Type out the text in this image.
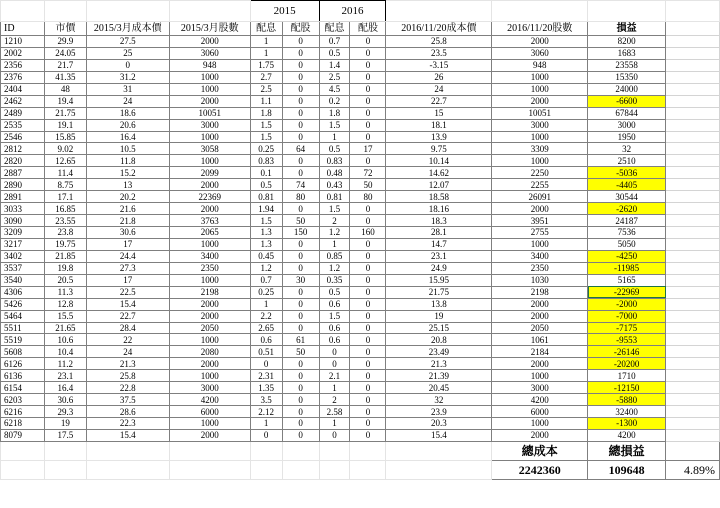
				2015		2016					
ID	市價	2015/3月成本價	2015/3月股數	配息	配股	配息	配股	2016/11/20成本價	2016/11/20股數	損益	
1210	29.9	27.5	2000	1	0	0.7	0	25.8	2000	8200	
2002	24.05	25	3060	1	0	0.5	0	23.5	3060	1683	
2356	21.7	0	948	1.75	0	1.4	0	-3.15	948	23558	
2376	41.35	31.2	1000	2.7	0	2.5	0	26	1000	15350	
2404	48	31	1000	2.5	0	4.5	0	24	1000	24000	
2462	19.4	24	2000	1.1	0	0.2	0	22.7	2000	-6600	
2489	21.75	18.6	10051	1.8	0	1.8	0	15	10051	67844	
2535	19.1	20.6	3000	1.5	0	1.5	0	18.1	3000	3000	
2546	15.85	16.4	1000	1.5	0	1	0	13.9	1000	1950	
2812	9.02	10.5	3058	0.25	64	0.5	17	9.75	3309	32	
2820	12.65	11.8	1000	0.83	0	0.83	0	10.14	1000	2510	
2887	11.4	15.2	2099	0.1	0	0.48	72	14.62	2250	-5036	
2890	8.75	13	2000	0.5	74	0.43	50	12.07	2255	-4405	
2891	17.1	20.2	22369	0.81	80	0.81	80	18.58	26091	30544	
3033	16.85	21.6	2000	1.94	0	1.5	0	18.16	2000	-2620	
3090	23.55	21.8	3763	1.5	50	2	0	18.3	3951	24187	
3209	23.8	30.6	2065	1.3	150	1.2	160	28.1	2755	7536	
3217	19.75	17	1000	1.3	0	1	0	14.7	1000	5050	
3402	21.85	24.4	3400	0.45	0	0.85	0	23.1	3400	-4250	
3537	19.8	27.3	2350	1.2	0	1.2	0	24.9	2350	-11985	
3540	20.5	17	1000	0.7	30	0.35	0	15.95	1030	5165	
4306	11.3	22.5	2198	0.25	0	0.5	0	21.75	2198	-22969	
5426	12.8	15.4	2000	1	0	0.6	0	13.8	2000	-2000	
5464	15.5	22.7	2000	2.2	0	1.5	0	19	2000	-7000	
5511	21.65	28.4	2050	2.65	0	0.6	0	25.15	2050	-7175	
5519	10.6	22	1000	0.6	61	0.6	0	20.8	1061	-9553	
5608	10.4	24	2080	0.51	50	0	0	23.49	2184	-26146	
6126	11.2	21.3	2000	0	0	0	0	21.3	2000	-20200	
6136	23.1	25.8	1000	2.31	0	2.1	0	21.39	1000	1710	
6154	16.4	22.8	3000	1.35	0	1	0	20.45	3000	-12150	
6203	30.6	37.5	4200	3.5	0	2	0	32	4200	-5880	
6216	29.3	28.6	6000	2.12	0	2.58	0	23.9	6000	32400	
6218	19	22.3	1000	1	0	1	0	20.3	1000	-1300	
8079	17.5	15.4	2000	0	0	0	0	15.4	2000	4200	
									總成本	總損益	
									2242360	109648	4.89%
